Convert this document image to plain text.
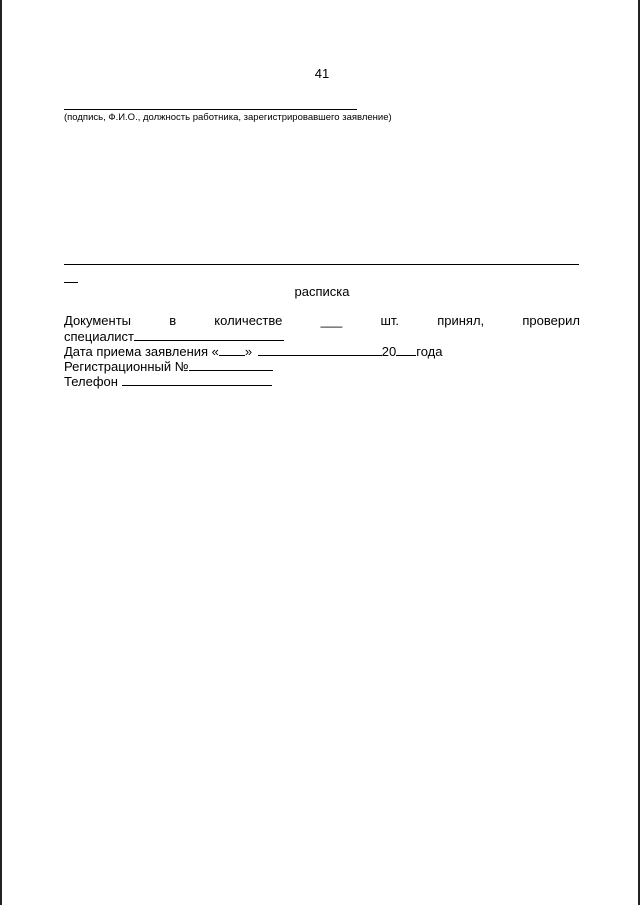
41
(подпись, Ф.И.О., должность работника, зарегистрировавшего заявление)
расписка
Документы	в	количестве	___	шт.	принял,	проверил
специалист
Дата приема заявления « »	20 года
Регистрационный №
Телефон
